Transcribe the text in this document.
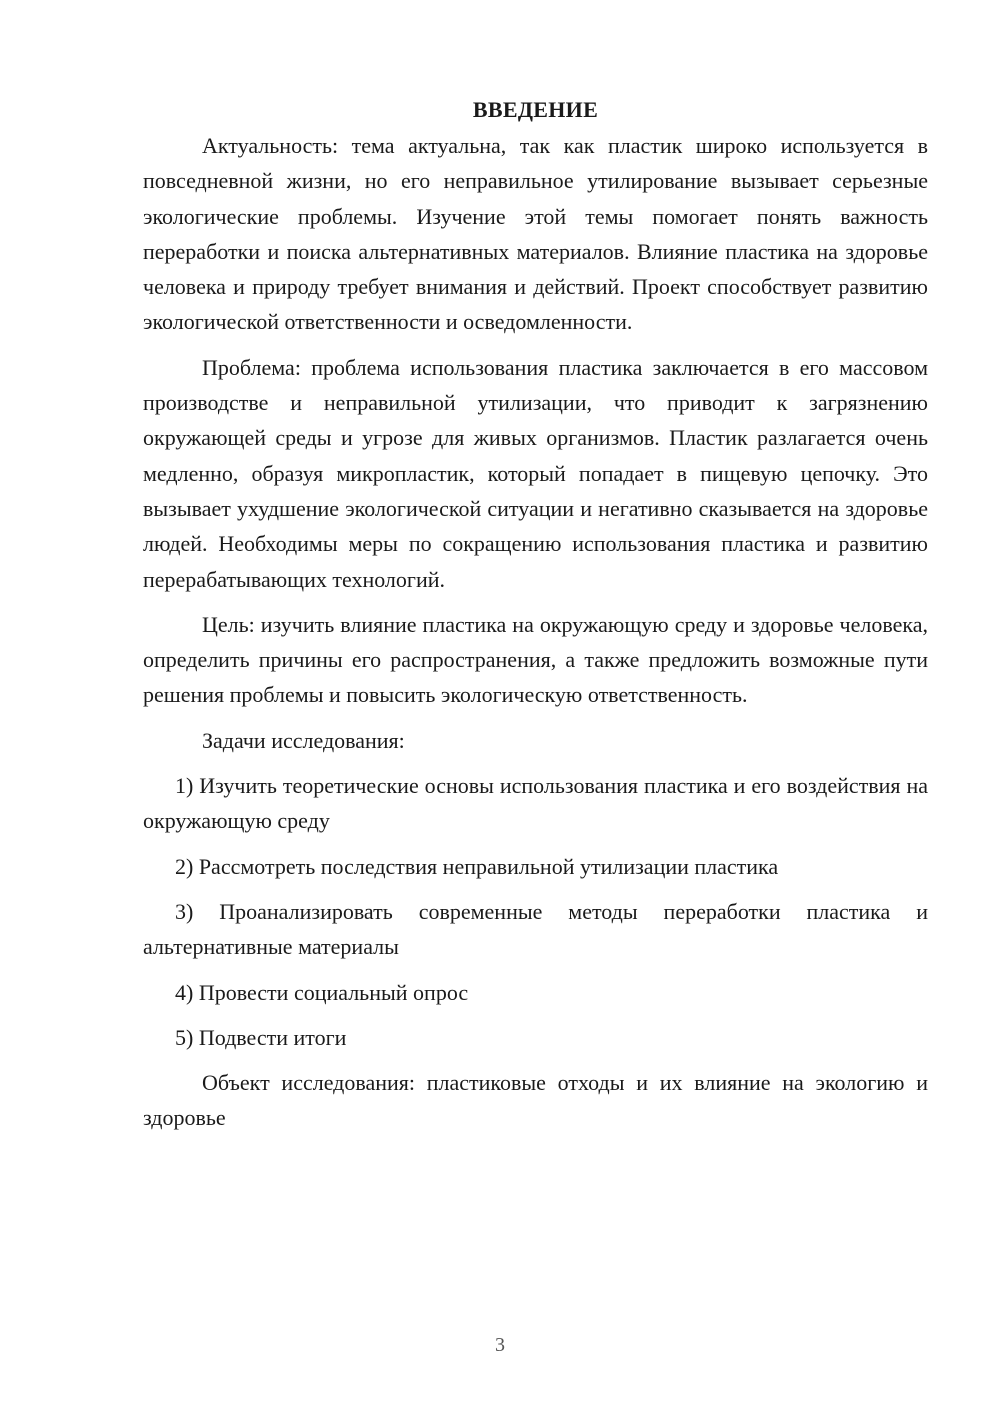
ВВЕДЕНИЕ

Актуальность: тема актуальна, так как пластик широко используется в повседневной жизни, но его неправильное утилирование вызывает серьезные экологические проблемы. Изучение этой темы помогает понять важность переработки и поиска альтернативных материалов. Влияние пластика на здоровье человека и природу требует внимания и действий. Проект способствует развитию экологической ответственности и осведомленности.

Проблема: проблема использования пластика заключается в его массовом производстве и неправильной утилизации, что приводит к загрязнению окружающей среды и угрозе для живых организмов. Пластик разлагается очень медленно, образуя микропластик, который попадает в пищевую цепочку. Это вызывает ухудшение экологической ситуации и негативно сказывается на здоровье людей. Необходимы меры по сокращению использования пластика и развитию перерабатывающих технологий.

Цель: изучить влияние пластика на окружающую среду и здоровье человека, определить причины его распространения, а также предложить возможные пути решения проблемы и повысить экологическую ответственность.

Задачи исследования:

1) Изучить теоретические основы использования пластика и его воздействия на окружающую среду

2) Рассмотреть последствия неправильной утилизации пластика

3) Проанализировать современные методы переработки пластика и альтернативные материалы

4) Провести социальный опрос

5) Подвести итоги

Объект исследования: пластиковые отходы и их влияние на экологию и здоровье

3
